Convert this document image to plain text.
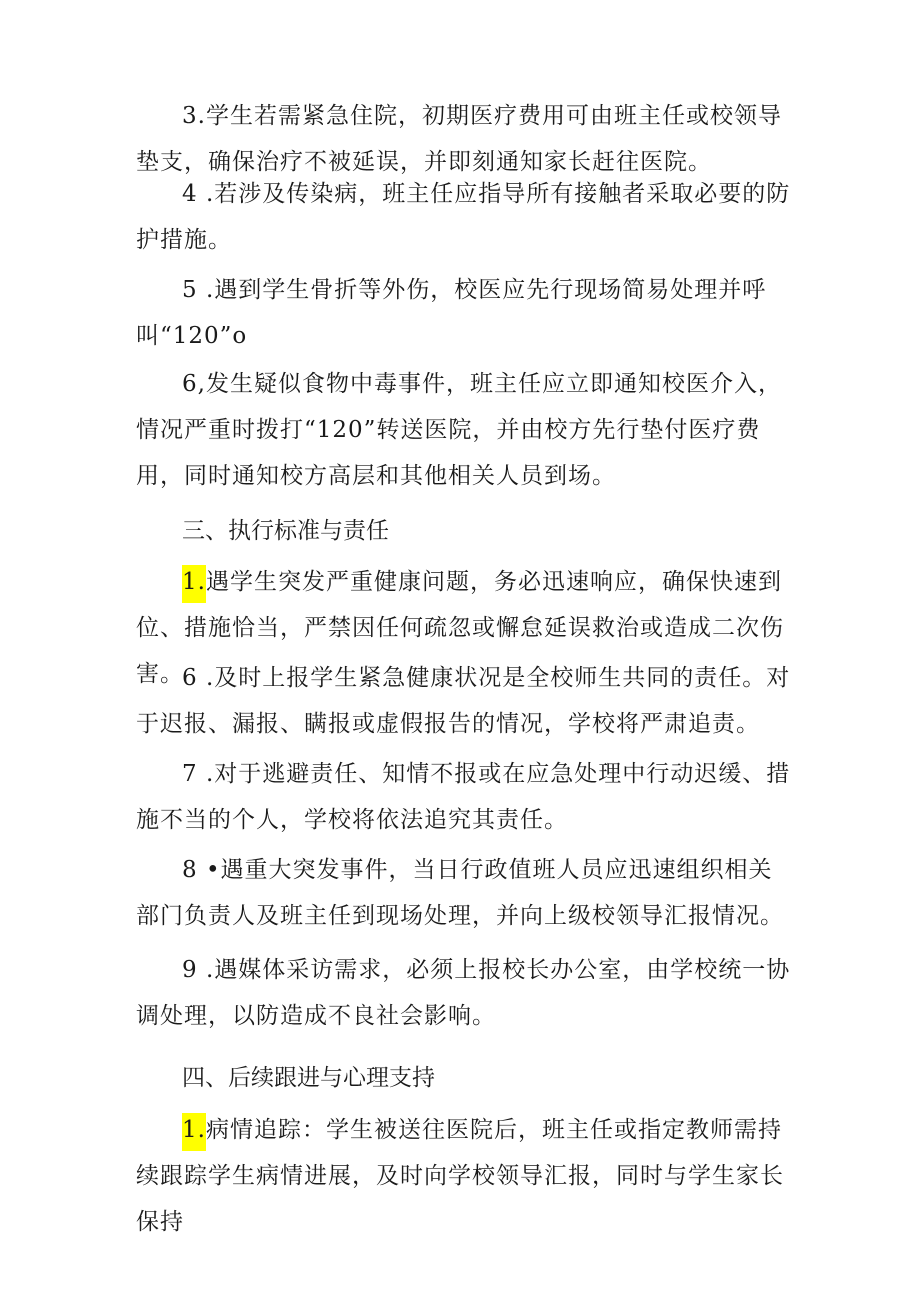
3.学生若需紧急住院，初期医疗费用可由班主任或校领导垫支，确保治疗不被延误，并即刻通知家长赶往医院。

4 .若涉及传染病，班主任应指导所有接触者采取必要的防护措施。

5 .遇到学生骨折等外伤，校医应先行现场简易处理并呼叫“120”o

6,发生疑似食物中毒事件，班主任应立即通知校医介入，情况严重时拨打“120”转送医院，并由校方先行垫付医疗费用，同时通知校方高层和其他相关人员到场。

三、执行标准与责任

1.遇学生突发严重健康问题，务必迅速响应，确保快速到位、措施恰当，严禁因任何疏忽或懈怠延误救治或造成二次伤害。

6 .及时上报学生紧急健康状况是全校师生共同的责任。对于迟报、漏报、瞒报或虚假报告的情况，学校将严肃追责。

7 .对于逃避责任、知情不报或在应急处理中行动迟缓、措施不当的个人，学校将依法追究其责任。

8 •遇重大突发事件，当日行政值班人员应迅速组织相关部门负责人及班主任到现场处理，并向上级校领导汇报情况。

9 .遇媒体采访需求，必须上报校长办公室，由学校统一协调处理，以防造成不良社会影响。

四、后续跟进与心理支持

1.病情追踪：学生被送往医院后，班主任或指定教师需持续跟踪学生病情进展，及时向学校领导汇报，同时与学生家长保持
